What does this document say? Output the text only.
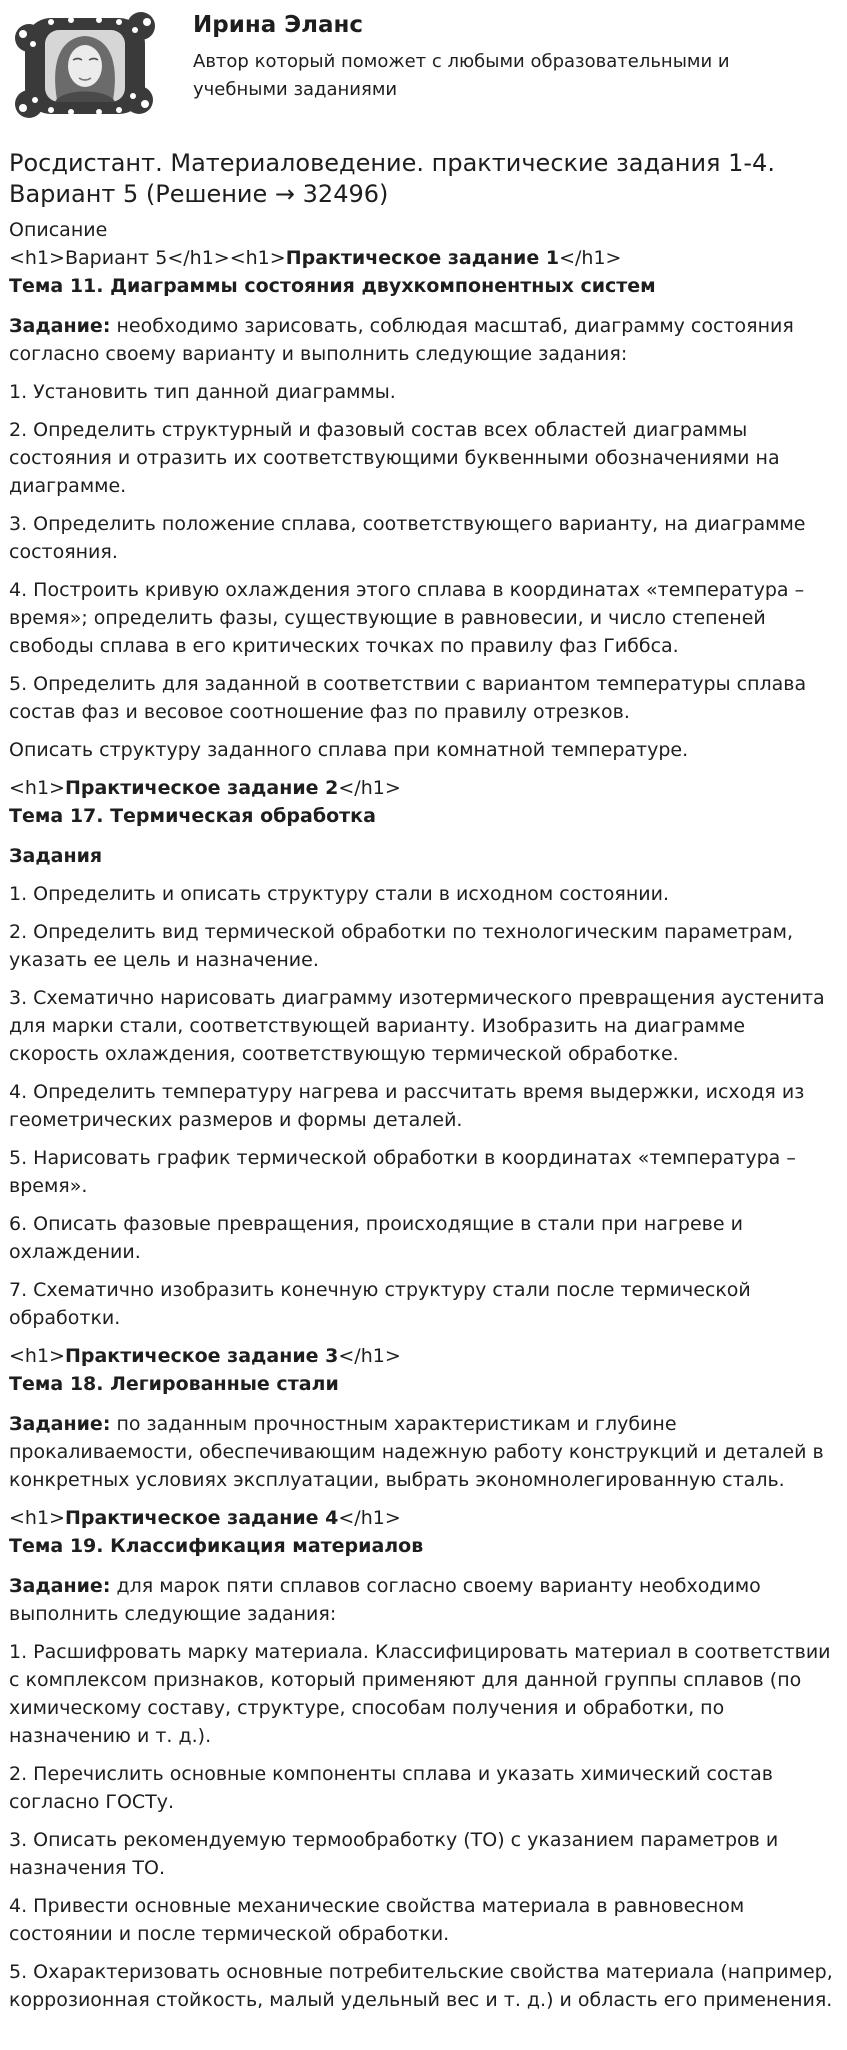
Ирина Эланс
Автор который поможет с любыми образовательными и учебными заданиями
Росдистант. Материаловедение. практические задания 1-4. Вариант 5 (Решение → 32496)
Описание
<h1>Вариант 5</h1><h1>Практическое задание 1</h1>
Тема 11. Диаграммы состояния двухкомпонентных систем

Задание: необходимо зарисовать, соблюдая масштаб, диаграмму состояния согласно своему варианту и выполнить следующие задания:

1. Установить тип данной диаграммы.

2. Определить структурный и фазовый состав всех областей диаграммы состояния и отразить их соответствующими буквенными обозначениями на диаграмме.

3. Определить положение сплава, соответствующего варианту, на диаграмме состояния.

4. Построить кривую охлаждения этого сплава в координатах «температура – время»; определить фазы, существующие в равновесии, и число степеней свободы сплава в его критических точках по правилу фаз Гиббса.

5. Определить для заданной в соответствии с вариантом температуры сплава состав фаз и весовое соотношение фаз по правилу отрезков.

Описать структуру заданного сплава при комнатной температуре.

<h1>Практическое задание 2</h1>
Тема 17. Термическая обработка

Задания

1. Определить и описать структуру стали в исходном состоянии.

2. Определить вид термической обработки по технологическим параметрам, указать ее цель и назначение.

3. Схематично нарисовать диаграмму изотермического превращения аустенита для марки стали, соответствующей варианту. Изобразить на диаграмме скорость охлаждения, соответствующую термической обработке.

4. Определить температуру нагрева и рассчитать время выдержки, исходя из геометрических размеров и формы деталей.

5. Нарисовать график термической обработки в координатах «температура – время».

6. Описать фазовые превращения, происходящие в стали при нагреве и охлаждении.

7. Схематично изобразить конечную структуру стали после термической обработки.

<h1>Практическое задание 3</h1>
Тема 18. Легированные стали

Задание: по заданным прочностным характеристикам и глубине прокаливаемости, обеспечивающим надежную работу конструкций и деталей в конкретных условиях эксплуатации, выбрать экономнолегированную сталь.

<h1>Практическое задание 4</h1>
Тема 19. Классификация материалов

Задание: для марок пяти сплавов согласно своему варианту необходимо выполнить следующие задания:

1. Расшифровать марку материала. Классифицировать материал в соответствии с комплексом признаков, который применяют для данной группы сплавов (по химическому составу, структуре, способам получения и обработки, по назначению и т. д.).

2. Перечислить основные компоненты сплава и указать химический состав согласно ГОСТу.

3. Описать рекомендуемую термообработку (ТО) с указанием параметров и назначения ТО.

4. Привести основные механические свойства материала в равновесном состоянии и после термической обработки.

5. Охарактеризовать основные потребительские свойства материала (например, коррозионная стойкость, малый удельный вес и т. д.) и область его применения.
